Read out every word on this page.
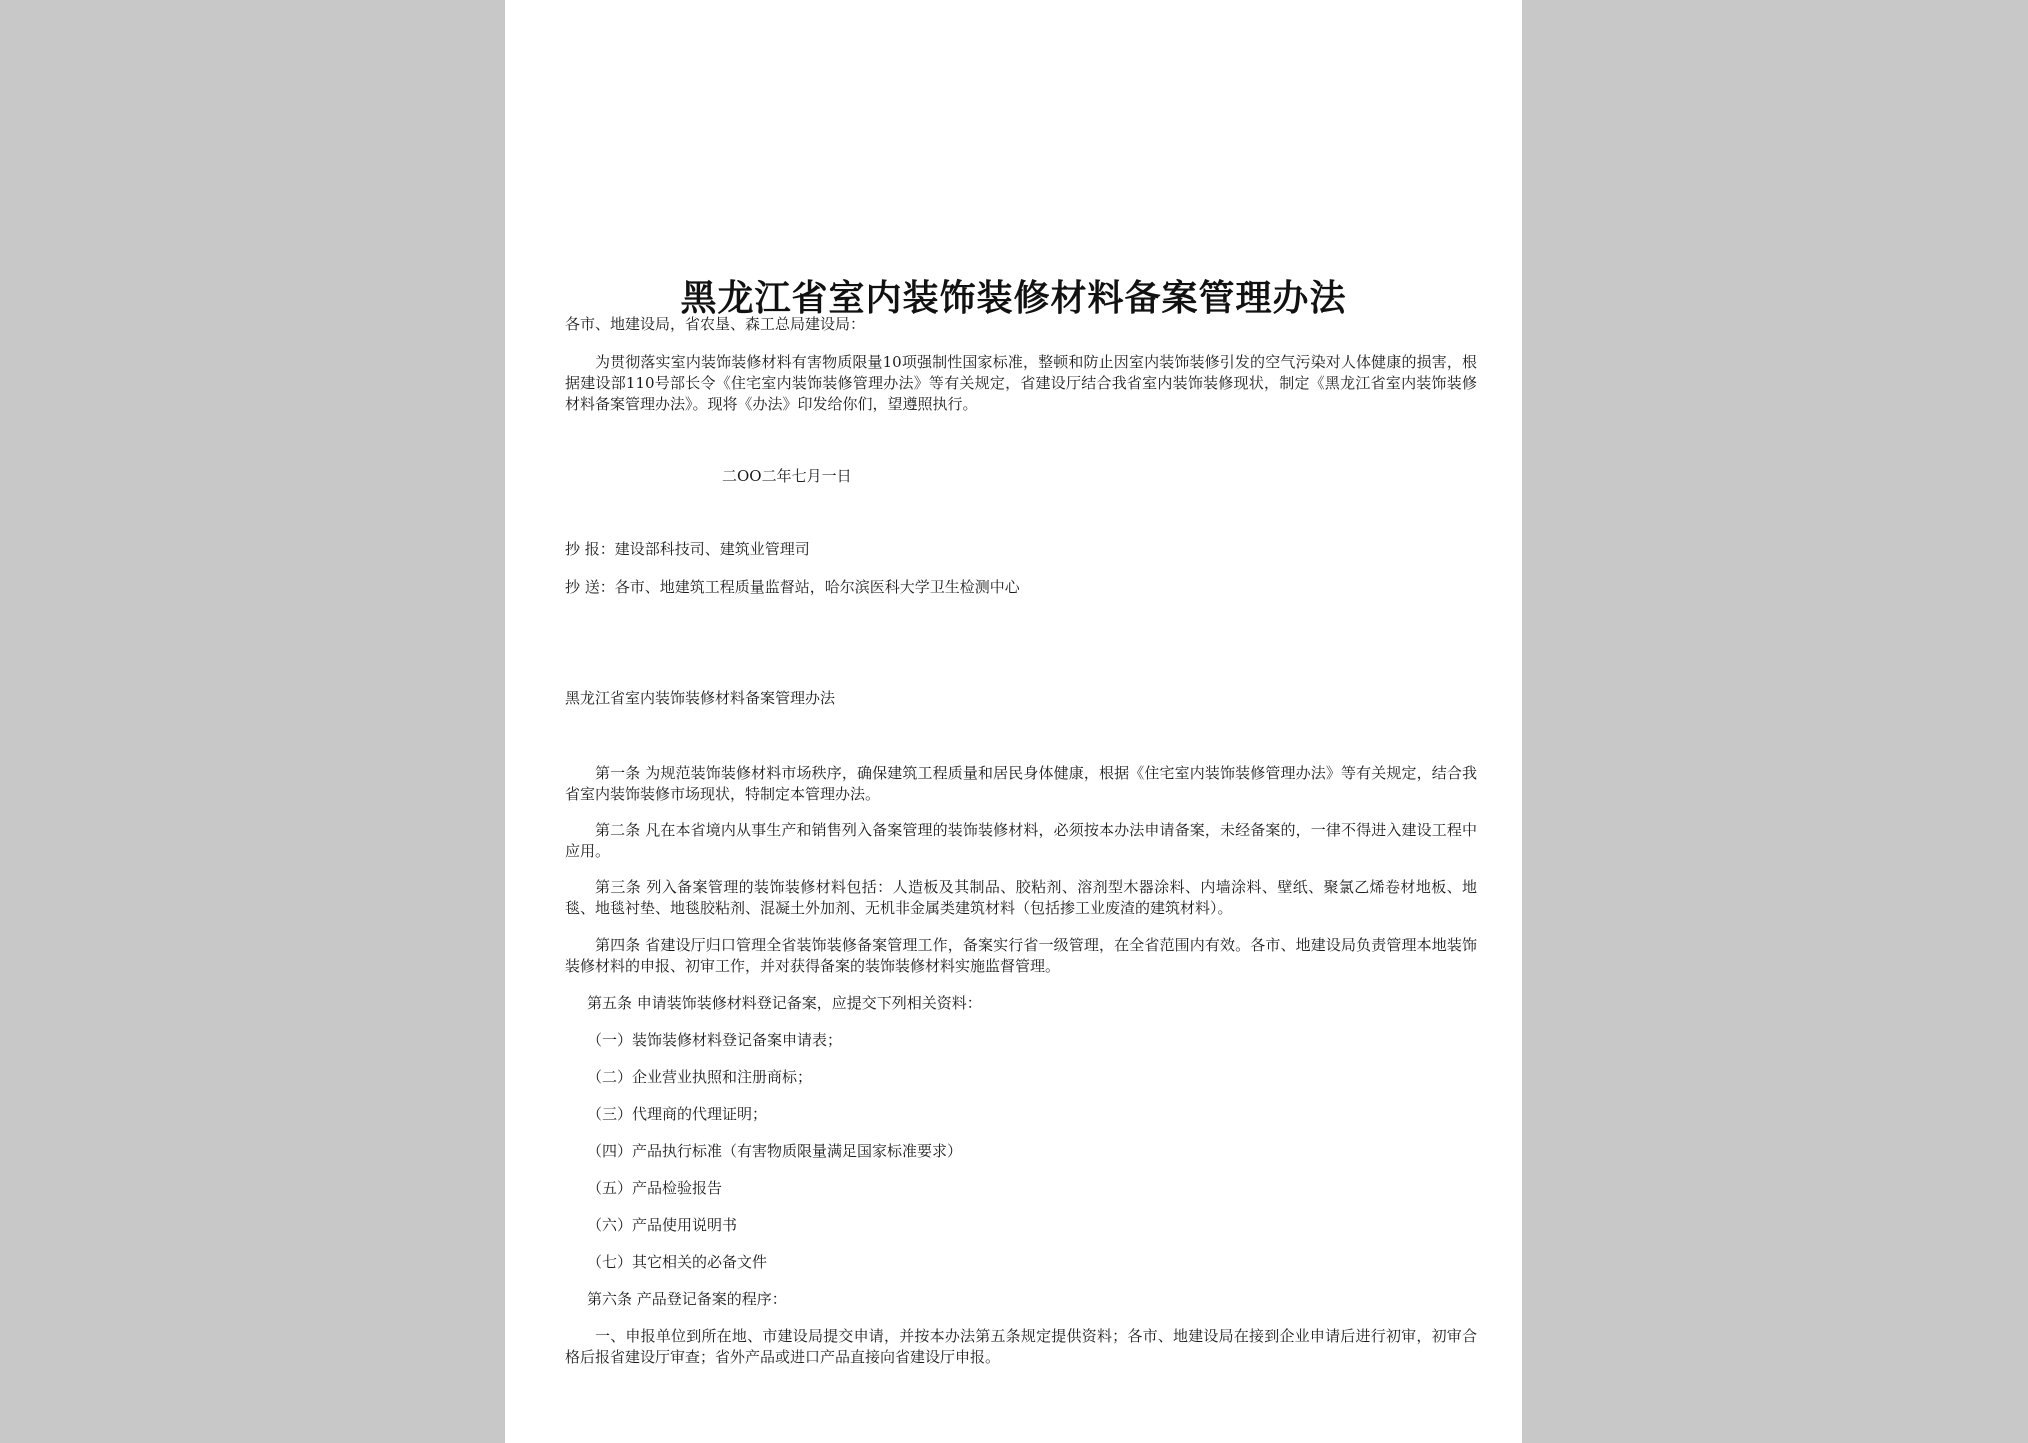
黑龙江省室内装饰装修材料备案管理办法
各市、地建设局，省农垦、森工总局建设局：
为贯彻落实室内装饰装修材料有害物质限量10项强制性国家标准，整顿和防止因室内装饰装修引发的空气污染对人体健康的损害，根据建设部110号部长令《住宅室内装饰装修管理办法》等有关规定，省建设厅结合我省室内装饰装修现状，制定《黑龙江省室内装饰装修材料备案管理办法》。现将《办法》印发给你们，望遵照执行。
二OO二年七月一日
抄 报：建设部科技司、建筑业管理司
抄 送：各市、地建筑工程质量监督站，哈尔滨医科大学卫生检测中心
黑龙江省室内装饰装修材料备案管理办法
第一条 为规范装饰装修材料市场秩序，确保建筑工程质量和居民身体健康，根据《住宅室内装饰装修管理办法》等有关规定，结合我省室内装饰装修市场现状，特制定本管理办法。
第二条 凡在本省境内从事生产和销售列入备案管理的装饰装修材料，必须按本办法申请备案，未经备案的，一律不得进入建设工程中应用。
第三条 列入备案管理的装饰装修材料包括：人造板及其制品、胶粘剂、溶剂型木器涂料、内墙涂料、壁纸、聚氯乙烯卷材地板、地毯、地毯衬垫、地毯胶粘剂、混凝土外加剂、无机非金属类建筑材料（包括掺工业废渣的建筑材料）。
第四条 省建设厅归口管理全省装饰装修备案管理工作，备案实行省一级管理，在全省范围内有效。各市、地建设局负责管理本地装饰装修材料的申报、初审工作，并对获得备案的装饰装修材料实施监督管理。
第五条 申请装饰装修材料登记备案，应提交下列相关资料：
（一）装饰装修材料登记备案申请表；
（二）企业营业执照和注册商标；
（三）代理商的代理证明；
（四）产品执行标准（有害物质限量满足国家标准要求）
（五）产品检验报告
（六）产品使用说明书
（七）其它相关的必备文件
第六条 产品登记备案的程序：
一、申报单位到所在地、市建设局提交申请，并按本办法第五条规定提供资料；各市、地建设局在接到企业申请后进行初审，初审合格后报省建设厅审查；省外产品或进口产品直接向省建设厅申报。
